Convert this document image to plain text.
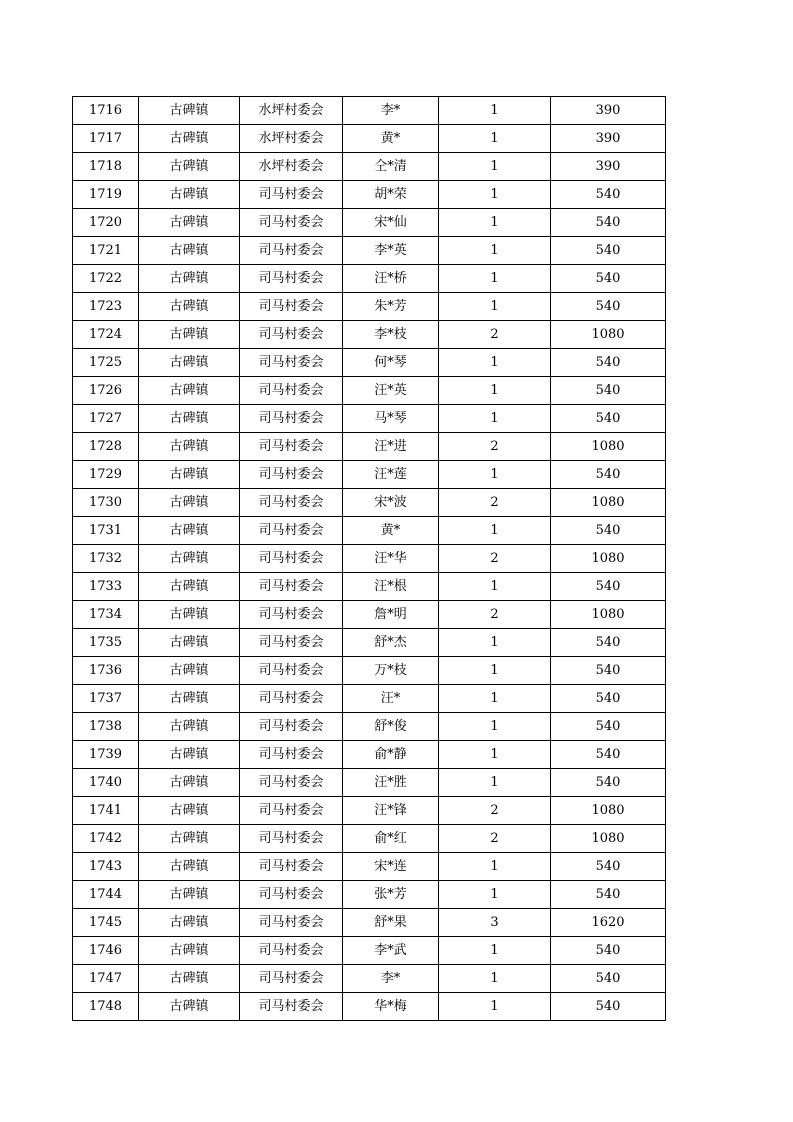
1716	古碑镇	水坪村委会	李*	1	390
1717	古碑镇	水坪村委会	黄*	1	390
1718	古碑镇	水坪村委会	仝*清	1	390
1719	古碑镇	司马村委会	胡*荣	1	540
1720	古碑镇	司马村委会	宋*仙	1	540
1721	古碑镇	司马村委会	李*英	1	540
1722	古碑镇	司马村委会	汪*桥	1	540
1723	古碑镇	司马村委会	朱*芳	1	540
1724	古碑镇	司马村委会	李*枝	2	1080
1725	古碑镇	司马村委会	何*琴	1	540
1726	古碑镇	司马村委会	汪*英	1	540
1727	古碑镇	司马村委会	马*琴	1	540
1728	古碑镇	司马村委会	汪*进	2	1080
1729	古碑镇	司马村委会	汪*莲	1	540
1730	古碑镇	司马村委会	宋*波	2	1080
1731	古碑镇	司马村委会	黄*	1	540
1732	古碑镇	司马村委会	汪*华	2	1080
1733	古碑镇	司马村委会	汪*根	1	540
1734	古碑镇	司马村委会	詹*明	2	1080
1735	古碑镇	司马村委会	舒*杰	1	540
1736	古碑镇	司马村委会	万*枝	1	540
1737	古碑镇	司马村委会	汪*	1	540
1738	古碑镇	司马村委会	舒*俊	1	540
1739	古碑镇	司马村委会	俞*静	1	540
1740	古碑镇	司马村委会	汪*胜	1	540
1741	古碑镇	司马村委会	汪*锋	2	1080
1742	古碑镇	司马村委会	俞*红	2	1080
1743	古碑镇	司马村委会	宋*连	1	540
1744	古碑镇	司马村委会	张*芳	1	540
1745	古碑镇	司马村委会	舒*果	3	1620
1746	古碑镇	司马村委会	李*武	1	540
1747	古碑镇	司马村委会	李*	1	540
1748	古碑镇	司马村委会	华*梅	1	540
